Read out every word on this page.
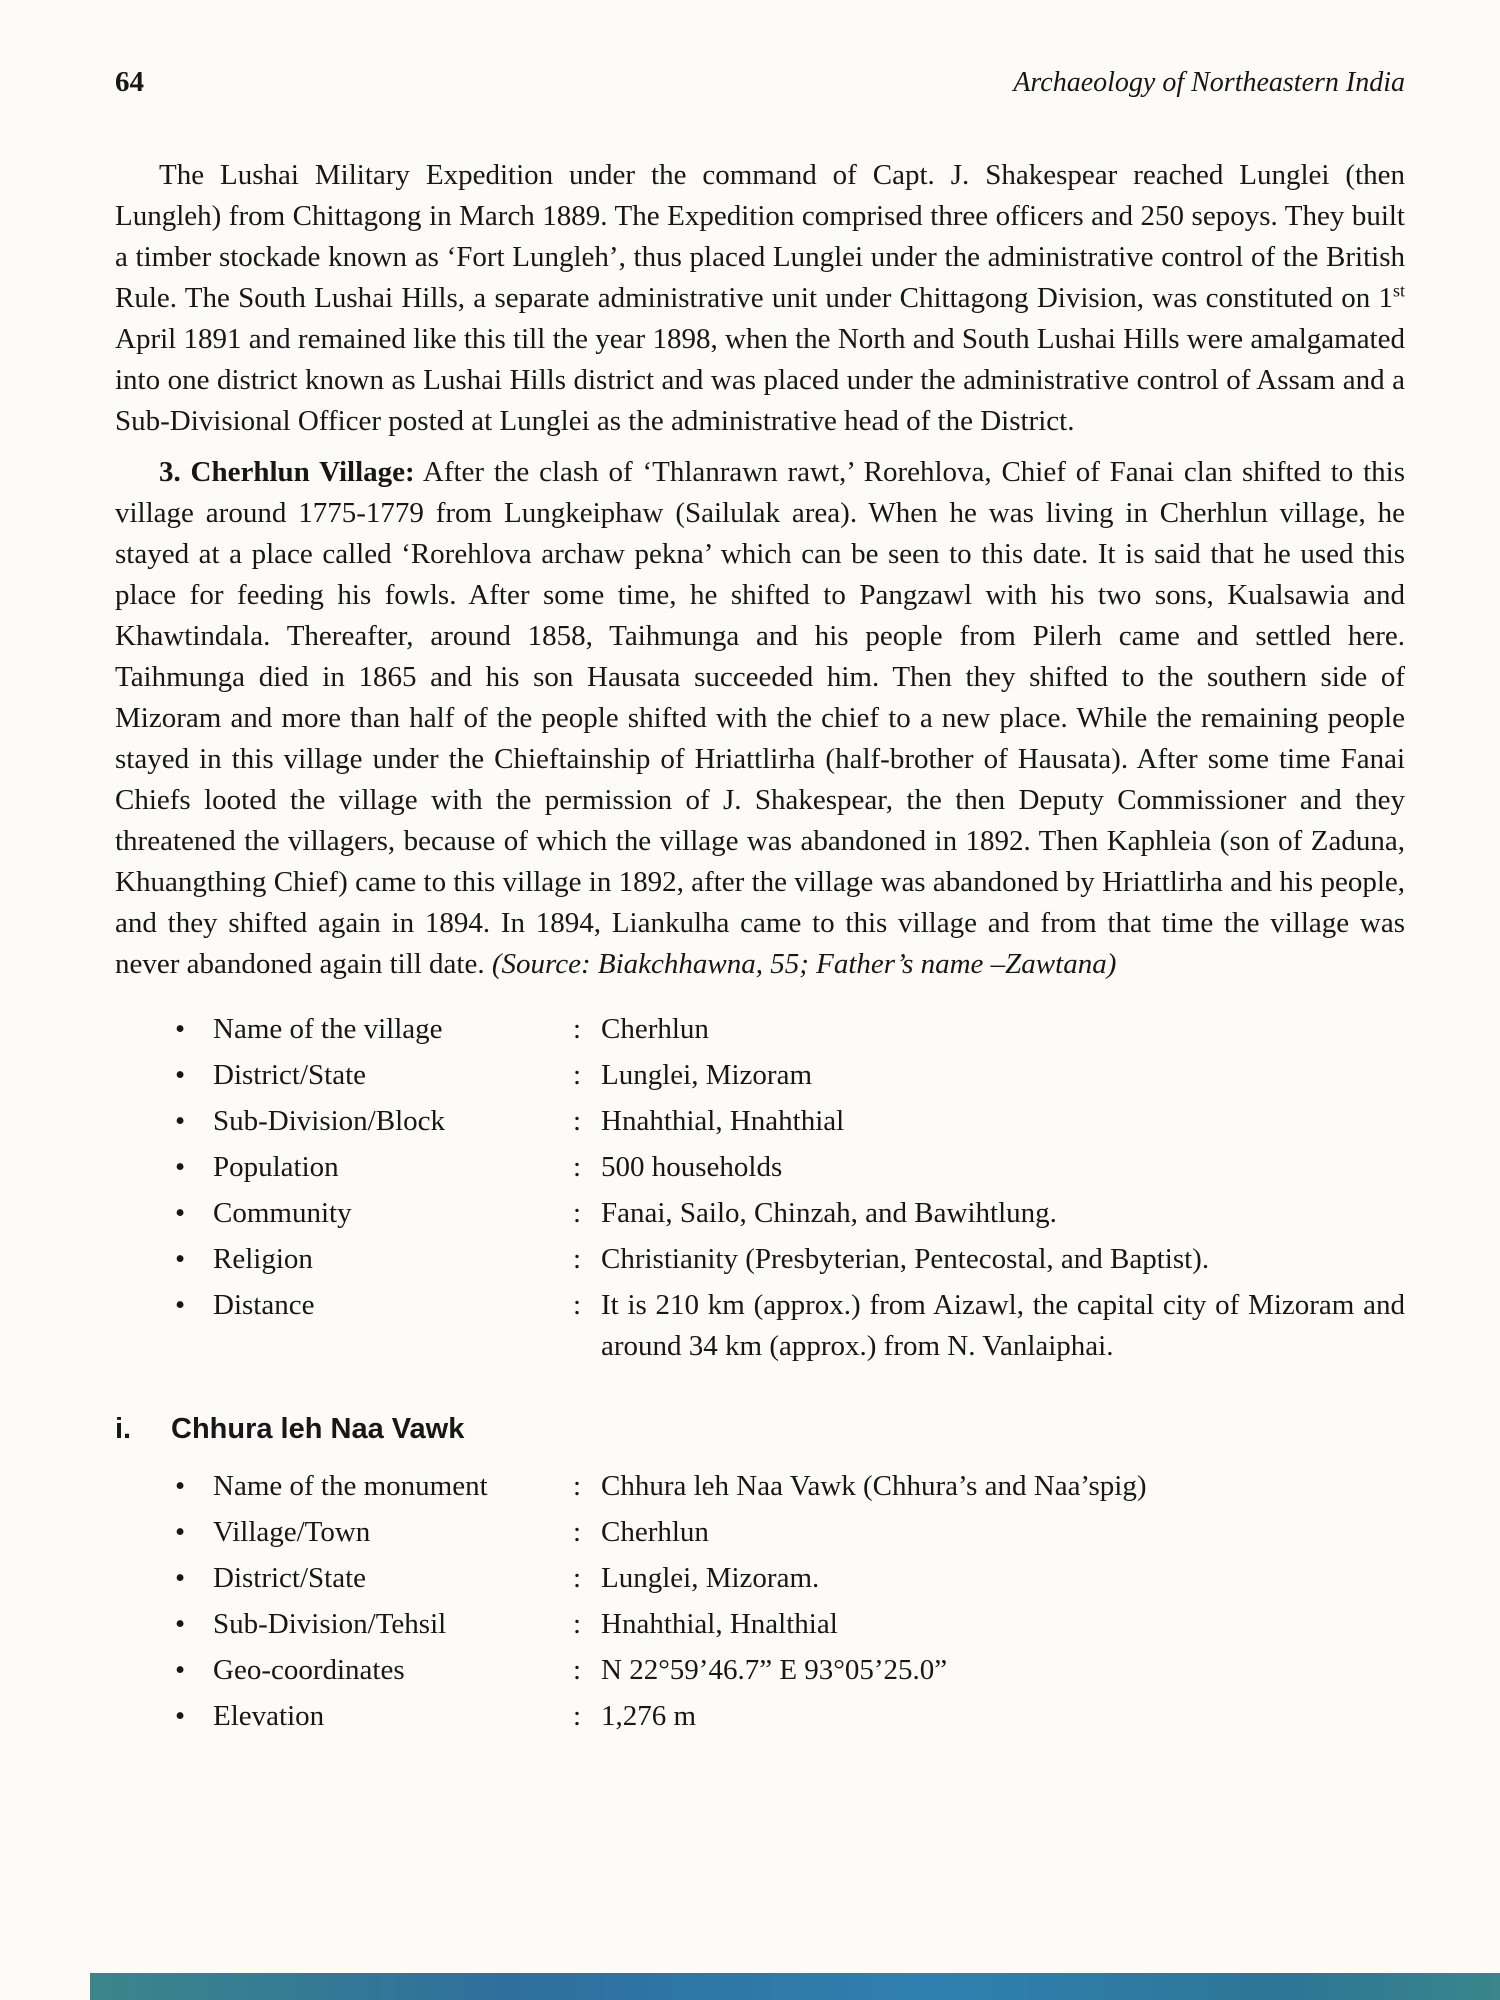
64	Archaeology of Northeastern India

The Lushai Military Expedition under the command of Capt. J. Shakespear reached Lunglei (then Lungleh) from Chittagong in March 1889. The Expedition comprised three officers and 250 sepoys. They built a timber stockade known as ‘Fort Lungleh’, thus placed Lunglei under the administrative control of the British Rule. The South Lushai Hills, a separate administrative unit under Chittagong Division, was constituted on 1st April 1891 and remained like this till the year 1898, when the North and South Lushai Hills were amalgamated into one district known as Lushai Hills district and was placed under the administrative control of Assam and a Sub-Divisional Officer posted at Lunglei as the administrative head of the District.

3. Cherhlun Village: After the clash of ‘Thlanrawn rawt,’ Rorehlova, Chief of Fanai clan shifted to this village around 1775-1779 from Lungkeiphaw (Sailulak area). When he was living in Cherhlun village, he stayed at a place called ‘Rorehlova archaw pekna’ which can be seen to this date. It is said that he used this place for feeding his fowls. After some time, he shifted to Pangzawl with his two sons, Kualsawia and Khawtindala. Thereafter, around 1858, Taihmunga and his people from Pilerh came and settled here. Taihmunga died in 1865 and his son Hausata succeeded him. Then they shifted to the southern side of Mizoram and more than half of the people shifted with the chief to a new place. While the remaining people stayed in this village under the Chieftainship of Hriattlirha (half-brother of Hausata). After some time Fanai Chiefs looted the village with the permission of J. Shakespear, the then Deputy Commissioner and they threatened the villagers, because of which the village was abandoned in 1892. Then Kaphleia (son of Zaduna, Khuangthing Chief) came to this village in 1892, after the village was abandoned by Hriattlirha and his people, and they shifted again in 1894. In 1894, Liankulha came to this village and from that time the village was never abandoned again till date. (Source: Biakchhawna, 55; Father’s name –Zawtana)

• Name of the village	: Cherhlun
• District/State	: Lunglei, Mizoram
• Sub-Division/Block	: Hnahthial, Hnahthial
• Population	: 500 households
• Community	: Fanai, Sailo, Chinzah, and Bawihtlung.
• Religion	: Christianity (Presbyterian, Pentecostal, and Baptist).
• Distance	: It is 210 km (approx.) from Aizawl, the capital city of Mizoram and around 34 km (approx.) from N. Vanlaiphai.
i.	Chhura leh Naa Vawk
• Name of the monument	: Chhura leh Naa Vawk (Chhura’s and Naa’spig)
• Village/Town	: Cherhlun
• District/State	: Lunglei, Mizoram.
• Sub-Division/Tehsil	: Hnahthial, Hnalthial
• Geo-coordinates	: N 22°59’46.7” E 93°05’25.0”
• Elevation	: 1,276 m
